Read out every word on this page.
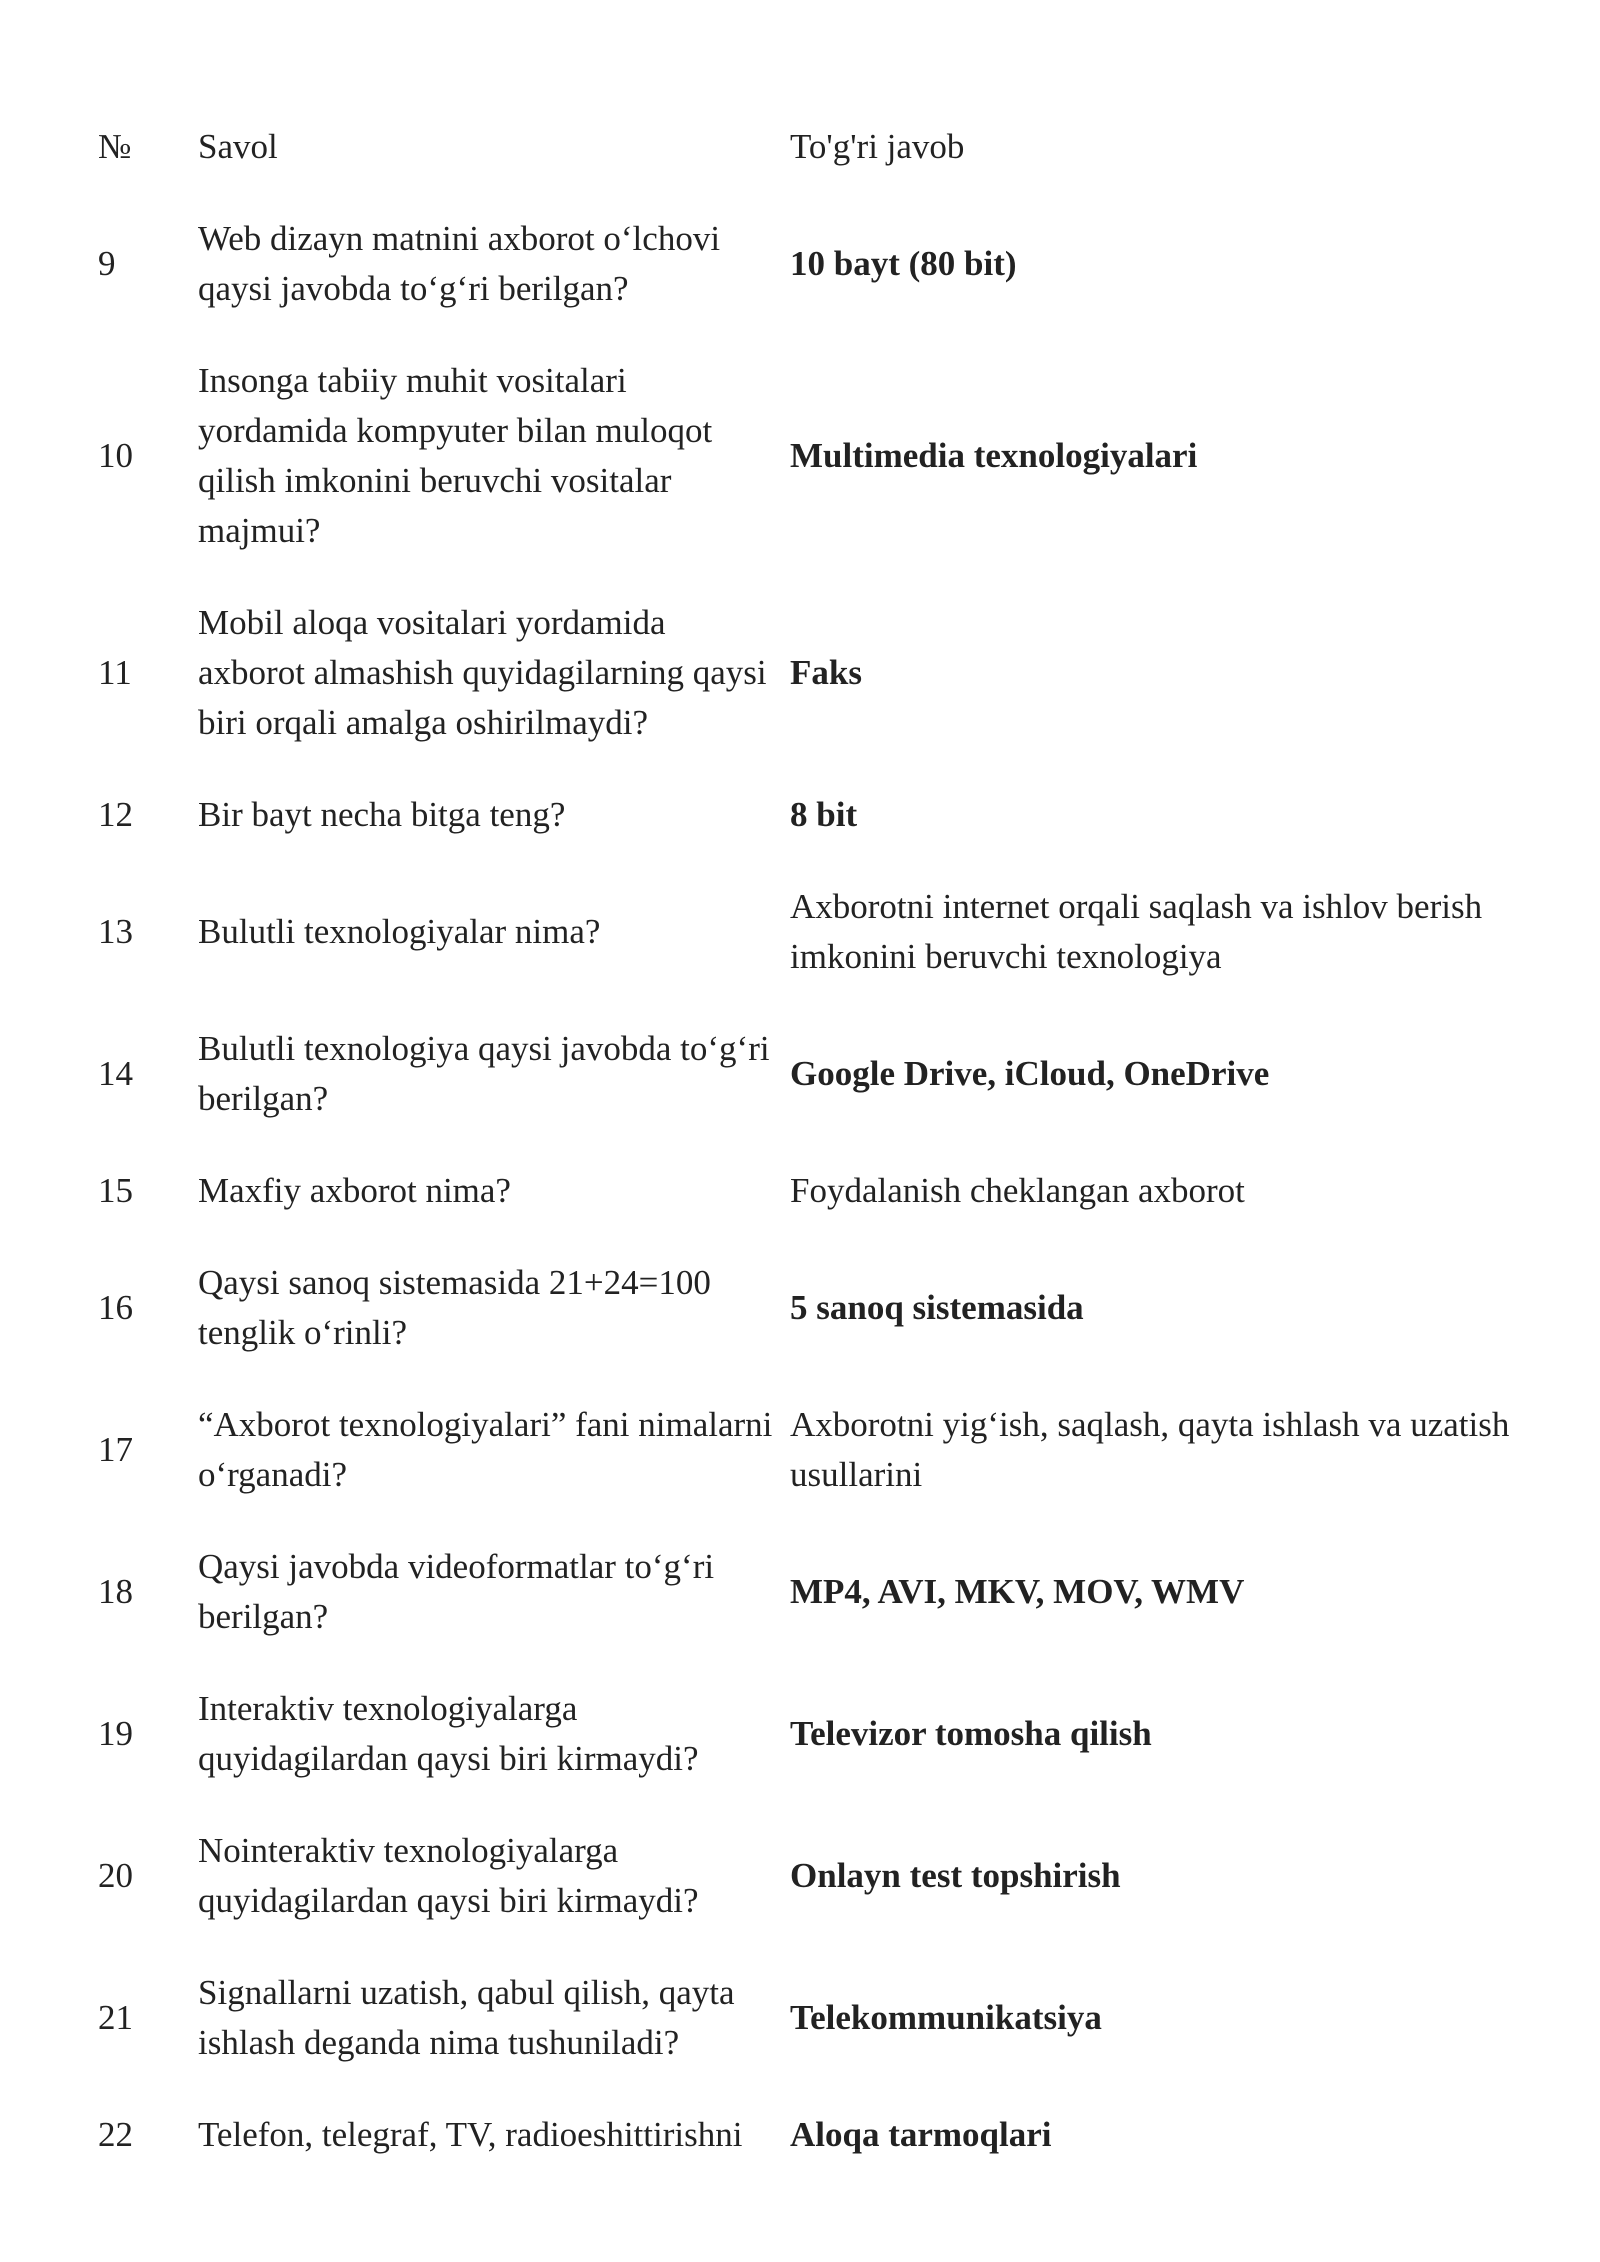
№	Savol	To'g'ri javob

9	Web dizayn matnini axborot o‘lchovi qaysi javobda to‘g‘ri berilgan?	10 bayt (80 bit)

10	Insonga tabiiy muhit vositalari yordamida kompyuter bilan muloqot qilish imkonini beruvchi vositalar majmui?	Multimedia texnologiyalari

11	Mobil aloqa vositalari yordamida axborot almashish quyidagilarning qaysi biri orqali amalga oshirilmaydi?	Faks

12	Bir bayt necha bitga teng?	8 bit

13	Bulutli texnologiyalar nima?	Axborotni internet orqali saqlash va ishlov berish imkonini beruvchi texnologiya

14	Bulutli texnologiya qaysi javobda to‘g‘ri berilgan?	Google Drive, iCloud, OneDrive

15	Maxfiy axborot nima?	Foydalanish cheklangan axborot

16	Qaysi sanoq sistemasida 21+24=100 tenglik o‘rinli?	5 sanoq sistemasida

17	“Axborot texnologiyalari” fani nimalarni o‘rganadi?	Axborotni yig‘ish, saqlash, qayta ishlash va uzatish usullarini

18	Qaysi javobda videoformatlar to‘g‘ri berilgan?	MP4, AVI, MKV, MOV, WMV

19	Interaktiv texnologiyalarga quyidagilardan qaysi biri kirmaydi?	Televizor tomosha qilish

20	Nointeraktiv texnologiyalarga quyidagilardan qaysi biri kirmaydi?	Onlayn test topshirish

21	Signallarni uzatish, qabul qilish, qayta ishlash deganda nima tushuniladi?	Telekommunikatsiya

22	Telefon, telegraf, TV, radioeshittirishni	Aloqa tarmoqlari
